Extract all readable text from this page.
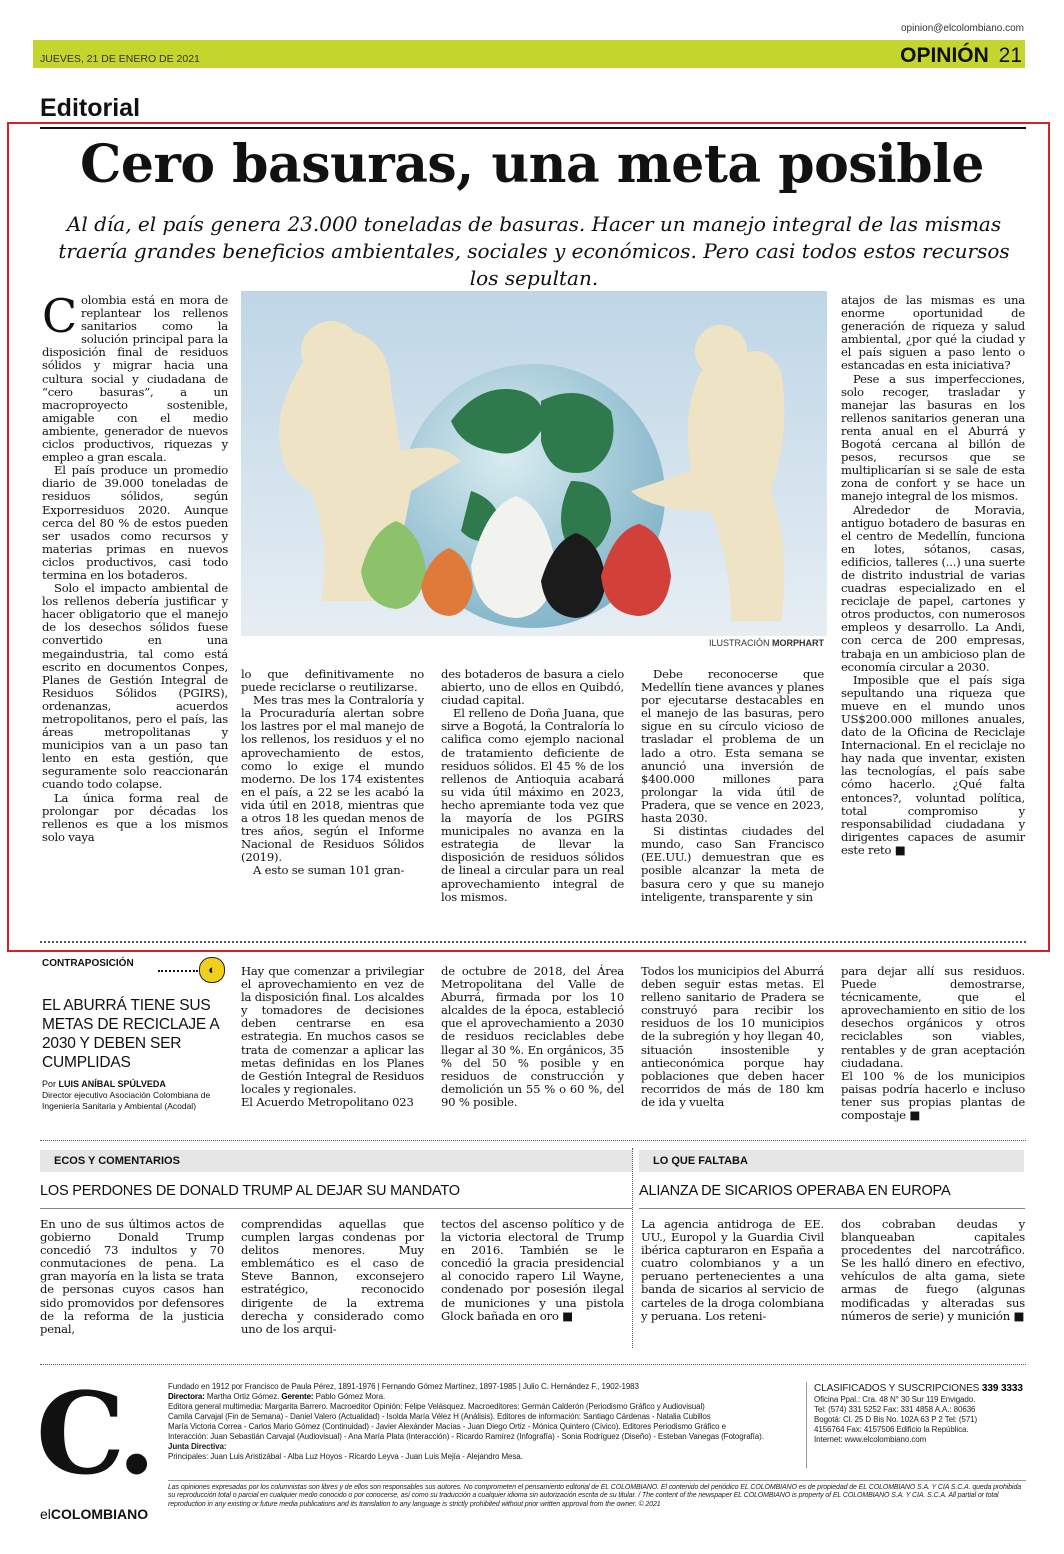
opinion@elcolombiano.com
JUEVES, 21 DE ENERO DE 2021	OPINIÓN 21
Editorial
Cero basuras, una meta posible
Al día, el país genera 23.000 toneladas de basuras. Hacer un manejo integral de las mismas traería grandes beneficios ambientales, sociales y económicos. Pero casi todos estos recursos los sepultan.

Colombia está en mora de replantear los rellenos sanitarios como la solución principal para la disposición final de residuos sólidos y migrar hacia una cultura social y ciudadana de “cero basuras”, a un macroproyecto sostenible, amigable con el medio ambiente, generador de nuevos ciclos productivos, riquezas y empleo a gran escala.

El país produce un promedio diario de 39.000 toneladas de residuos sólidos, según Exporresiduos 2020. Aunque cerca del 80 % de estos pueden ser usados como recursos y materias primas en nuevos ciclos productivos, casi todo termina en los botaderos.

Solo el impacto ambiental de los rellenos debería justificar y hacer obligatorio que el manejo de los desechos sólidos fuese convertido en una megaindustria, tal como está escrito en documentos Conpes, Planes de Gestión Integral de Residuos Sólidos (PGIRS), ordenanzas, acuerdos metropolitanos, pero el país, las áreas metropolitanas y municipios van a un paso tan lento en esta gestión, que seguramente solo reaccionarán cuando todo colapse.

La única forma real de prolongar por décadas los rellenos es que a los mismos solo vaya

ILUSTRACIÓN MORPHART

lo que definitivamente no puede reciclarse o reutilizarse.

Mes tras mes la Contraloría y la Procuraduría alertan sobre los lastres por el mal manejo de los rellenos, los residuos y el no aprovechamiento de estos, como lo exige el mundo moderno. De los 174 existentes en el país, a 22 se les acabó la vida útil en 2018, mientras que a otros 18 les quedan menos de tres años, según el Informe Nacional de Residuos Sólidos (2019).

A esto se suman 101 gran-

des botaderos de basura a cielo abierto, uno de ellos en Quibdó, ciudad capital.

El relleno de Doña Juana, que sirve a Bogotá, la Contraloría lo califica como ejemplo nacional de tratamiento deficiente de residuos sólidos. El 45 % de los rellenos de Antioquia acabará su vida útil máximo en 2023, hecho apremiante toda vez que la mayoría de los PGIRS municipales no avanza en la estrategia de llevar la disposición de residuos sólidos de lineal a circular para un real aprovechamiento integral de los mismos.

Debe reconocerse que Medellín tiene avances y planes por ejecutarse destacables en el manejo de las basuras, pero sigue en su círculo vicioso de trasladar el problema de un lado a otro. Esta semana se anunció una inversión de $400.000 millones para prolongar la vida útil de Pradera, que se vence en 2023, hasta 2030.

Si distintas ciudades del mundo, caso San Francisco (EE.UU.) demuestran que es posible alcanzar la meta de basura cero y que su manejo inteligente, transparente y sin

atajos de las mismas es una enorme oportunidad de generación de riqueza y salud ambiental, ¿por qué la ciudad y el país siguen a paso lento o estancadas en esta iniciativa?

Pese a sus imperfecciones, solo recoger, trasladar y manejar las basuras en los rellenos sanitarios generan una renta anual en el Aburrá y Bogotá cercana al billón de pesos, recursos que se multiplicarían si se sale de esta zona de confort y se hace un manejo integral de los mismos.

Alrededor de Moravia, antiguo botadero de basuras en el centro de Medellín, funciona en lotes, sótanos, casas, edificios, talleres (...) una suerte de distrito industrial de varias cuadras especializado en el reciclaje de papel, cartones y otros productos, con numerosos empleos y desarrollo. La Andi, con cerca de 200 empresas, trabaja en un ambicioso plan de economía circular a 2030.

Imposible que el país siga sepultando una riqueza que mueve en el mundo unos US$200.000 millones anuales, dato de la Oficina de Reciclaje Internacional. En el reciclaje no hay nada que inventar, existen las tecnologías, el país sabe cómo hacerlo. ¿Qué falta entonces?, voluntad política, total compromiso y responsabilidad ciudadana y dirigentes capaces de asumir este reto ■

CONTRAPOSICIÓN	◐
EL ABURRÁ TIENE SUS METAS DE RECICLAJE A 2030 Y DEBEN SER CUMPLIDAS
Por LUIS ANÍBAL SPÚLVEDA
Director ejecutivo Asociación Colombiana de Ingeniería Sanitaria y Ambiental (Acodal)

Hay que comenzar a privilegiar el aprovechamiento en vez de la disposición final. Los alcaldes y tomadores de decisiones deben centrarse en esa estrategia. En muchos casos se trata de comenzar a aplicar las metas definidas en los Planes de Gestión Integral de Residuos locales y regionales.

El Acuerdo Metropolitano 023

de octubre de 2018, del Área Metropolitana del Valle de Aburrá, firmada por los 10 alcaldes de la época, estableció que el aprovechamiento a 2030 de residuos reciclables debe llegar al 30 %. En orgánicos, 35 % del 50 % posible y en residuos de construcción y demolición un 55 % o 60 %, del 90 % posible.

Todos los municipios del Aburrá deben seguir estas metas. El relleno sanitario de Pradera se construyó para recibir los residuos de los 10 municipios de la subregión y hoy llegan 40, situación insostenible y antieconómica porque hay poblaciones que deben hacer recorridos de más de 180 km de ida y vuelta

para dejar allí sus residuos. Puede demostrarse, técnicamente, que el aprovechamiento en sitio de los desechos orgánicos y otros reciclables son viables, rentables y de gran aceptación ciudadana.

El 100 % de los municipios paisas podría hacerlo e incluso tener sus propias plantas de compostaje ■

ECOS Y COMENTARIOS
LOS PERDONES DE DONALD TRUMP AL DEJAR SU MANDATO

En uno de sus últimos actos de gobierno Donald Trump concedió 73 indultos y 70 conmutaciones de pena. La gran mayoría en la lista se trata de personas cuyos casos han sido promovidos por defensores de la reforma de la justicia penal,

comprendidas aquellas que cumplen largas condenas por delitos menores. Muy emblemático es el caso de Steve Bannon, exconsejero estratégico, reconocido dirigente de la extrema derecha y considerado como uno de los arqui-

tectos del ascenso político y de la victoria electoral de Trump en 2016. También se le concedió la gracia presidencial al conocido rapero Lil Wayne, condenado por posesión ilegal de municiones y una pistola Glock bañada en oro ■

LO QUE FALTABA
ALIANZA DE SICARIOS OPERABA EN EUROPA

La agencia antidroga de EE. UU., Europol y la Guardia Civil ibérica capturaron en España a cuatro colombianos y a un peruano pertenecientes a una banda de sicarios al servicio de carteles de la droga colombiana y peruana. Los reteni-

dos cobraban deudas y blanqueaban capitales procedentes del narcotráfico. Se les halló dinero en efectivo, vehículos de alta gama, siete armas de fuego (algunas modificadas y alteradas sus números de serie) y munición ■

C.
elCOLOMBIANO
Fundado en 1912 por Francisco de Paula Pérez, 1891-1976 | Fernando Gómez Martínez, 1897-1985 | Julio C. Hernández F., 1902-1983
Directora: Martha Ortiz Gómez. Gerente: Pablo Gómez Mora.
Editora general multimedia: Margarita Barrero. Macroeditor Opinión: Felipe Velásquez. Macroeditores: Germán Calderón (Periodismo Gráfico y Audiovisual)
Camila Carvajal (Fin de Semana) - Daniel Valero (Actualidad) - Isolda María Vélez H (Análisis). Editores de información: Santiago Cárdenas - Natalia Cubillos
María Victoria Correa - Carlos Mario Gómez (Continuidad) - Javier Alexánder Macías - Juan Diego Ortiz - Mónica Quintero (Cívico). Editores Periodismo Gráfico e
Interacción: Juan Sebastián Carvajal (Audiovisual) - Ana María Plata (Interacción) - Ricardo Ramírez (Infografía) - Sonia Rodríguez (Diseño) - Esteban Vanegas (Fotografía).
Junta Directiva:
Principales: Juan Luis Aristizábal - Alba Luz Hoyos - Ricardo Leyva - Juan Luis Mejía - Alejandro Mesa.
CLASIFICADOS Y SUSCRIPCIONES 339 3333
Oficina Ppal.: Cra. 48 N° 30 Sur 119 Envigado.
Tel: (574) 331 5252 Fax: 331 4858 A.A.: 80636
Bogotá: Cl. 25 D Bis No. 102A 63 P 2 Tel: (571)
4156764 Fax: 4157506 Edificio la República.
Internet: www.elcolombiano.com
Las opiniones expresadas por los columnistas son libres y de ellos son responsables sus autores. No comprometen el pensamiento editorial de EL COLOMBIANO. El contenido del periódico EL COLOMBIANO es de propiedad de EL COLOMBIANO S.A. Y CIA S.C.A. queda prohibida su reproducción total o parcial en cualquier medio conocido o por conocerse, así como su traducción a cualquier idioma sin autorización escrita de su titular. / The content of the newspaper EL COLOMBIANO is property of EL COLOMBIANO S.A. Y CIA. S.C.A. All partial or total reproduction in any existing or future media publications and its translation to any language is strictly prohibited without prior written approval from the owner. © 2021
